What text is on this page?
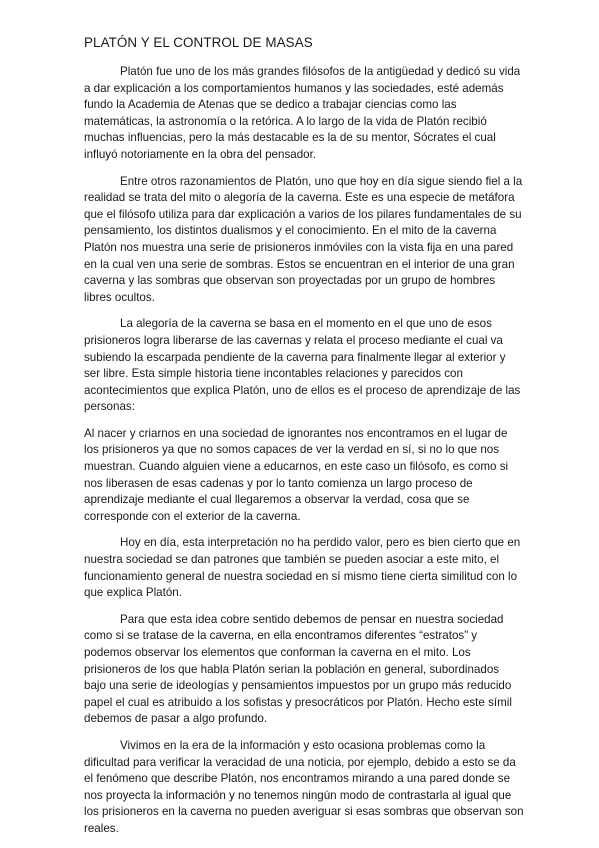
PLATÓN Y EL CONTROL DE MASAS

Platón fue uno de los más grandes filósofos de la antigüedad y dedicó su vida a dar explicación a los comportamientos humanos y las sociedades, esté además fundo la Academia de Atenas que se dedico a trabajar ciencias como las matemáticas, la astronomía o la retórica. A lo largo de la vida de Platón recibió muchas influencias, pero la más destacable es la de su mentor, Sócrates el cual influyó notoriamente en la obra del pensador.

Entre otros razonamientos de Platón, uno que hoy en día sigue siendo fiel a la realidad se trata del mito o alegoría de la caverna. Este es una especie de metáfora que el filósofo utiliza para dar explicación a varios de los pilares fundamentales de su pensamiento, los distintos dualismos y el conocimiento. En el mito de la caverna Platón nos muestra una serie de prisioneros inmóviles con la vista fija en una pared en la cual ven una serie de sombras. Estos se encuentran en el interior de una gran caverna y las sombras que observan son proyectadas por un grupo de hombres libres ocultos.

La alegoría de la caverna se basa en el momento en el que uno de esos prisioneros logra liberarse de las cavernas y relata el proceso mediante el cual va subiendo la escarpada pendiente de la caverna para finalmente llegar al exterior y ser libre. Esta simple historia tiene incontables relaciones y parecidos con acontecimientos que explica Platón, uno de ellos es el proceso de aprendizaje de las personas:

Al nacer y criarnos en una sociedad de ignorantes nos encontramos en el lugar de los prisioneros ya que no somos capaces de ver la verdad en sí, si no lo que nos muestran. Cuando alguien viene a educarnos, en este caso un filósofo, es como si nos liberasen de esas cadenas y por lo tanto comienza un largo proceso de aprendizaje mediante el cual llegaremos a observar la verdad, cosa que se corresponde con el exterior de la caverna.

Hoy en día, esta interpretación no ha perdido valor, pero es bien cierto que en nuestra sociedad se dan patrones que también se pueden asociar a este mito, el funcionamiento general de nuestra sociedad en sí mismo tiene cierta similitud con lo que explica Platón.

Para que esta idea cobre sentido debemos de pensar en nuestra sociedad como si se tratase de la caverna, en ella encontramos diferentes “estratos” y podemos observar los elementos que conforman la caverna en el mito. Los prisioneros de los que habla Platón serian la población en general, subordinados bajo una serie de ideologías y pensamientos impuestos por un grupo más reducido papel el cual es atribuido a los sofistas y presocráticos por Platón. Hecho este símil debemos de pasar a algo profundo.

Vivimos en la era de la información y esto ocasiona problemas como la dificultad para verificar la veracidad de una noticia, por ejemplo, debido a esto se da el fenómeno que describe Platón, nos encontramos mirando a una pared donde se nos proyecta la información y no tenemos ningún modo de contrastarla al igual que los prisioneros en la caverna no pueden averiguar si esas sombras que observan son reales.
